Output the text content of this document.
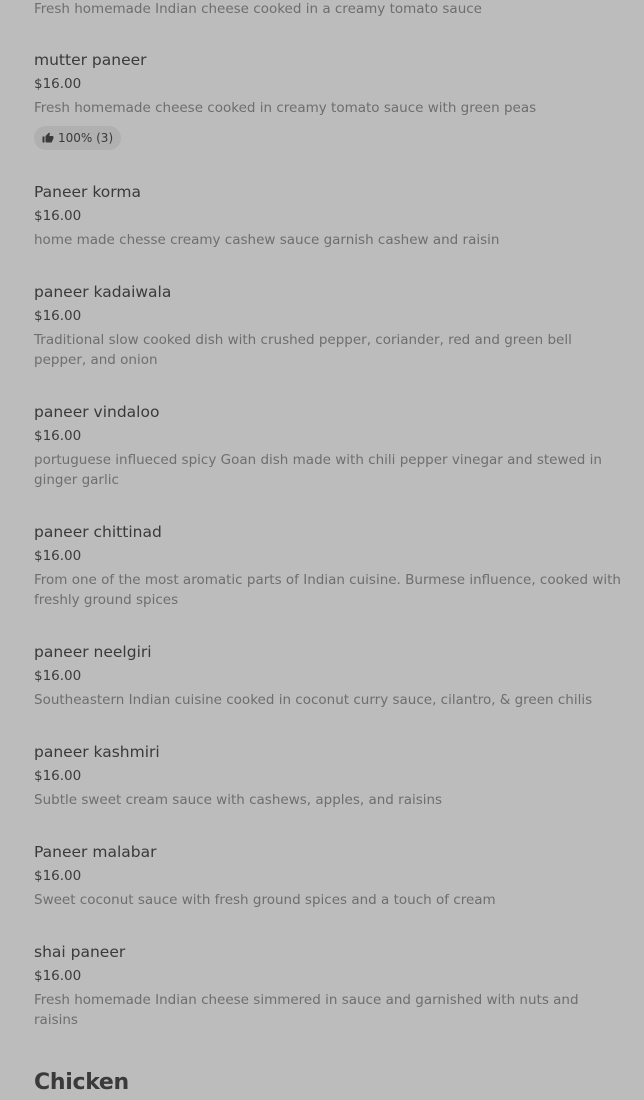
Fresh homemade Indian cheese cooked in a creamy tomato sauce
mutter paneer
$16.00
Fresh homemade cheese cooked in creamy tomato sauce with green peas
100% (3)
Paneer korma
$16.00
home made chesse creamy cashew sauce garnish cashew and raisin
paneer kadaiwala
$16.00
Traditional slow cooked dish with crushed pepper, coriander, red and green bell pepper, and onion
paneer vindaloo
$16.00
portuguese influeced spicy Goan dish made with chili pepper vinegar and stewed in ginger garlic
paneer chittinad
$16.00
From one of the most aromatic parts of Indian cuisine. Burmese influence, cooked with freshly ground spices
paneer neelgiri
$16.00
Southeastern Indian cuisine cooked in coconut curry sauce, cilantro, & green chilis
paneer kashmiri
$16.00
Subtle sweet cream sauce with cashews, apples, and raisins
Paneer malabar
$16.00
Sweet coconut sauce with fresh ground spices and a touch of cream
shai paneer
$16.00
Fresh homemade Indian cheese simmered in sauce and garnished with nuts and raisins
Chicken
